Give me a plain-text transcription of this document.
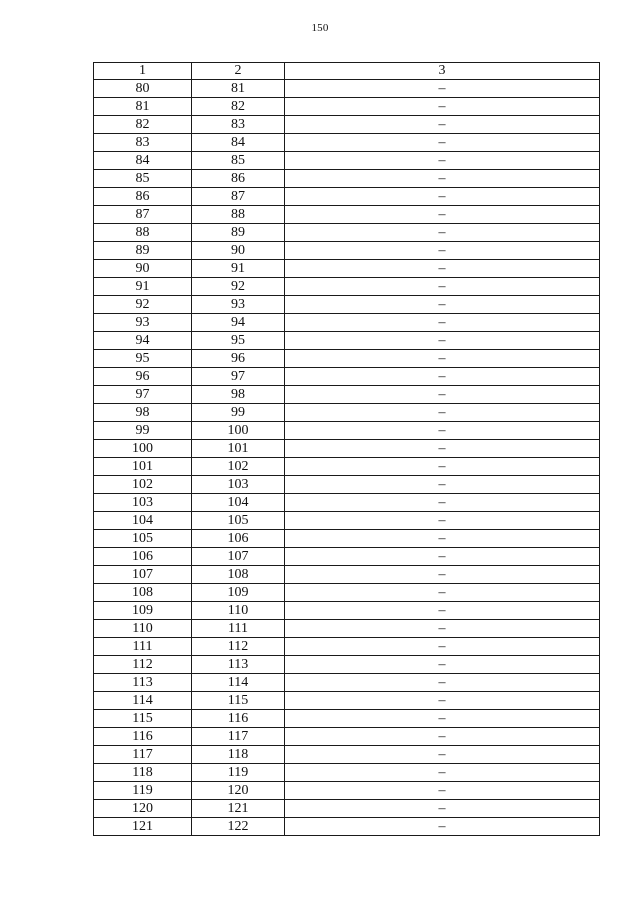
150
1	2	3
80	81	–
81	82	–
82	83	–
83	84	–
84	85	–
85	86	–
86	87	–
87	88	–
88	89	–
89	90	–
90	91	–
91	92	–
92	93	–
93	94	–
94	95	–
95	96	–
96	97	–
97	98	–
98	99	–
99	100	–
100	101	–
101	102	–
102	103	–
103	104	–
104	105	–
105	106	–
106	107	–
107	108	–
108	109	–
109	110	–
110	111	–
111	112	–
112	113	–
113	114	–
114	115	–
115	116	–
116	117	–
117	118	–
118	119	–
119	120	–
120	121	–
121	122	–
